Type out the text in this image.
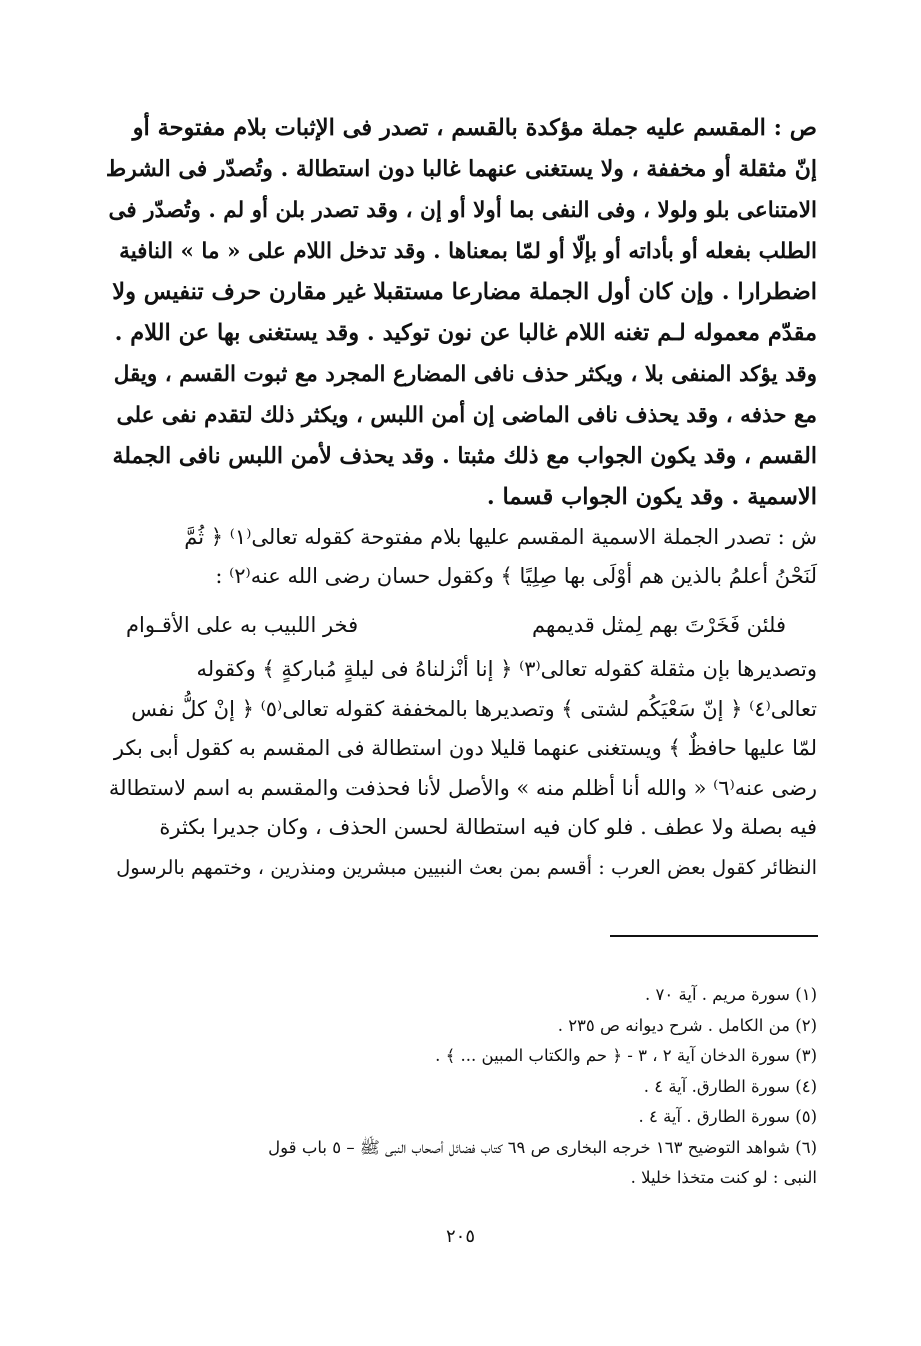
ص : المقسم عليه جملة مؤكدة بالقسم ، تصدر فى الإثبات بلام مفتوحة أو

إنّ مثقلة أو مخففة ، ولا يستغنى عنهما غالبا دون استطالة . وتُصدّر فى الشرط

الامتناعى بلو ولولا ، وفى النفى بما أولا أو إن ، وقد تصدر بلن أو لم . وتُصدّر فى

الطلب بفعله أو بأداته أو بإلّا أو لمّا بمعناها . وقد تدخل اللام على « ما » النافية

اضطرارا . وإن كان أول الجملة مضارعا مستقبلا غير مقارن حرف تنفيس ولا

مقدّم معموله لـم تغنه اللام غالبا عن نون توكيد . وقد يستغنى بها عن اللام .

وقد يؤكد المنفى بلا ، ويكثر حذف نافى المضارع المجرد مع ثبوت القسم ، ويقل

مع حذفه ، وقد يحذف نافى الماضى إن أمن اللبس ، ويكثر ذلك لتقدم نفى على

القسم ، وقد يكون الجواب مع ذلك مثبتا . وقد يحذف لأمن اللبس نافى الجملة

الاسمية . وقد يكون الجواب قسما .

ش : تصدر الجملة الاسمية المقسم عليها بلام مفتوحة كقوله تعالى⁽١⁾ ﴿ ثُمَّ

لَنَحْنُ أعلمُ بالذين هم أوْلَى بها صِلِيًا ﴾ وكقول حسان رضى الله عنه⁽٢⁾ :

فلئن فَخَرْتَ بهم لِمثل قديمهم
فخر اللبيب به على الأقـوام

وتصديرها بإن مثقلة كقوله تعالى⁽٣⁾ ﴿ إنا أنْزلناهُ فى ليلةٍ مُباركةٍ ﴾ وكقوله

تعالى⁽٤⁾ ﴿ إنّ سَعْيَكُم لشتى ﴾ وتصديرها بالمخففة كقوله تعالى⁽٥⁾ ﴿ إنْ كلُّ نفس

لمّا عليها حافظٌ ﴾ ويستغنى عنهما قليلا دون استطالة فى المقسم به كقول أبى بكر

رضى عنه⁽٦⁾ « والله أنا أظلم منه » والأصل لأنا فحذفت والمقسم به اسم لاستطالة

فيه بصلة ولا عطف . فلو كان فيه استطالة لحسن الحذف ، وكان جديرا بكثرة

النظائر كقول بعض العرب : أقسم بمن بعث النبيين مبشرين ومنذرين ، وختمهم بالرسول

(١) سورة مريم . آية ٧٠ .

(٢) من الكامل . شرح ديوانه ص ٢٣٥ .

(٣) سورة الدخان آية ٢ ، ٣ - ﴿ حم والكتاب المبين ... ﴾ .

(٤) سورة الطارق. آية ٤ .

(٥) سورة الطارق . آية ٤ .

(٦) شواهد التوضيح ١٦٣ خرجه البخارى ص ٦٩ كتاب فضائل أصحاب النبى ﷺ – ٥ باب قول

النبى : لو كنت متخذا خليلا .

٢٠٥
